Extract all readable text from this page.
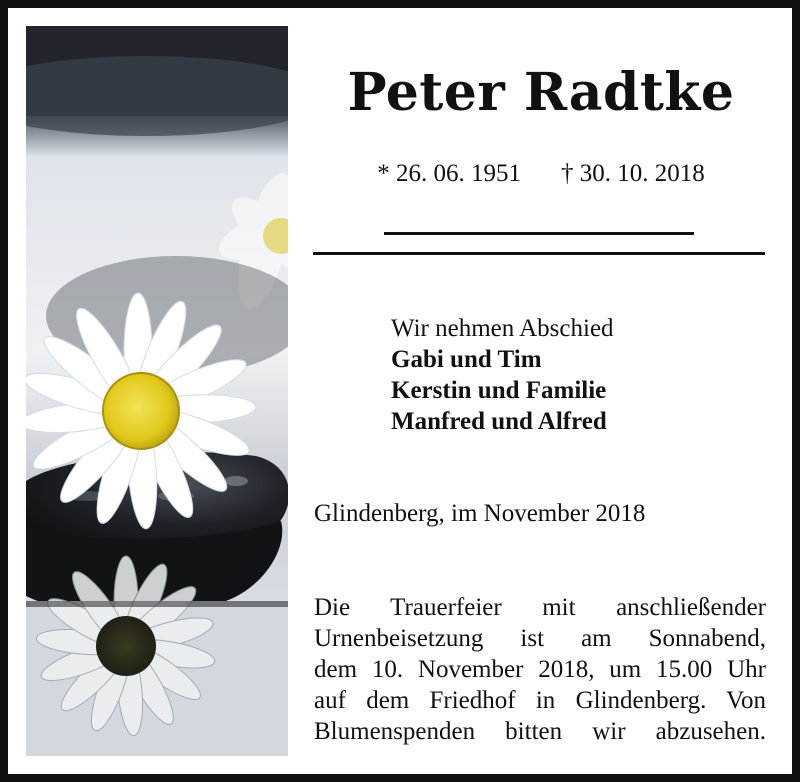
Peter Radtke
* 26. 06. 1951 † 30. 10. 2018
Wir nehmen Abschied
Gabi und Tim
Kerstin und Familie
Manfred und Alfred
Glindenberg, im November 2018
Die Trauerfeier mit anschließender
Urnenbeisetzung ist am Sonnabend,
dem 10. November 2018, um 15.00 Uhr
auf dem Friedhof in Glindenberg. Von
Blumenspenden bitten wir abzusehen.
